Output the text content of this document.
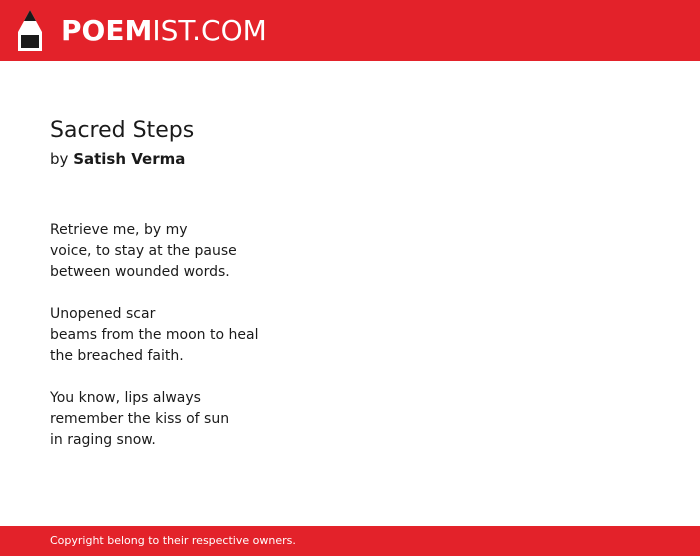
POEMIST.COM
Sacred Steps

by Satish Verma

Retrieve me, by my
voice, to stay at the pause
between wounded words.

Unopened scar
beams from the moon to heal
the breached faith.

You know, lips always
remember the kiss of sun
in raging snow.

Copyright belong to their respective owners.
